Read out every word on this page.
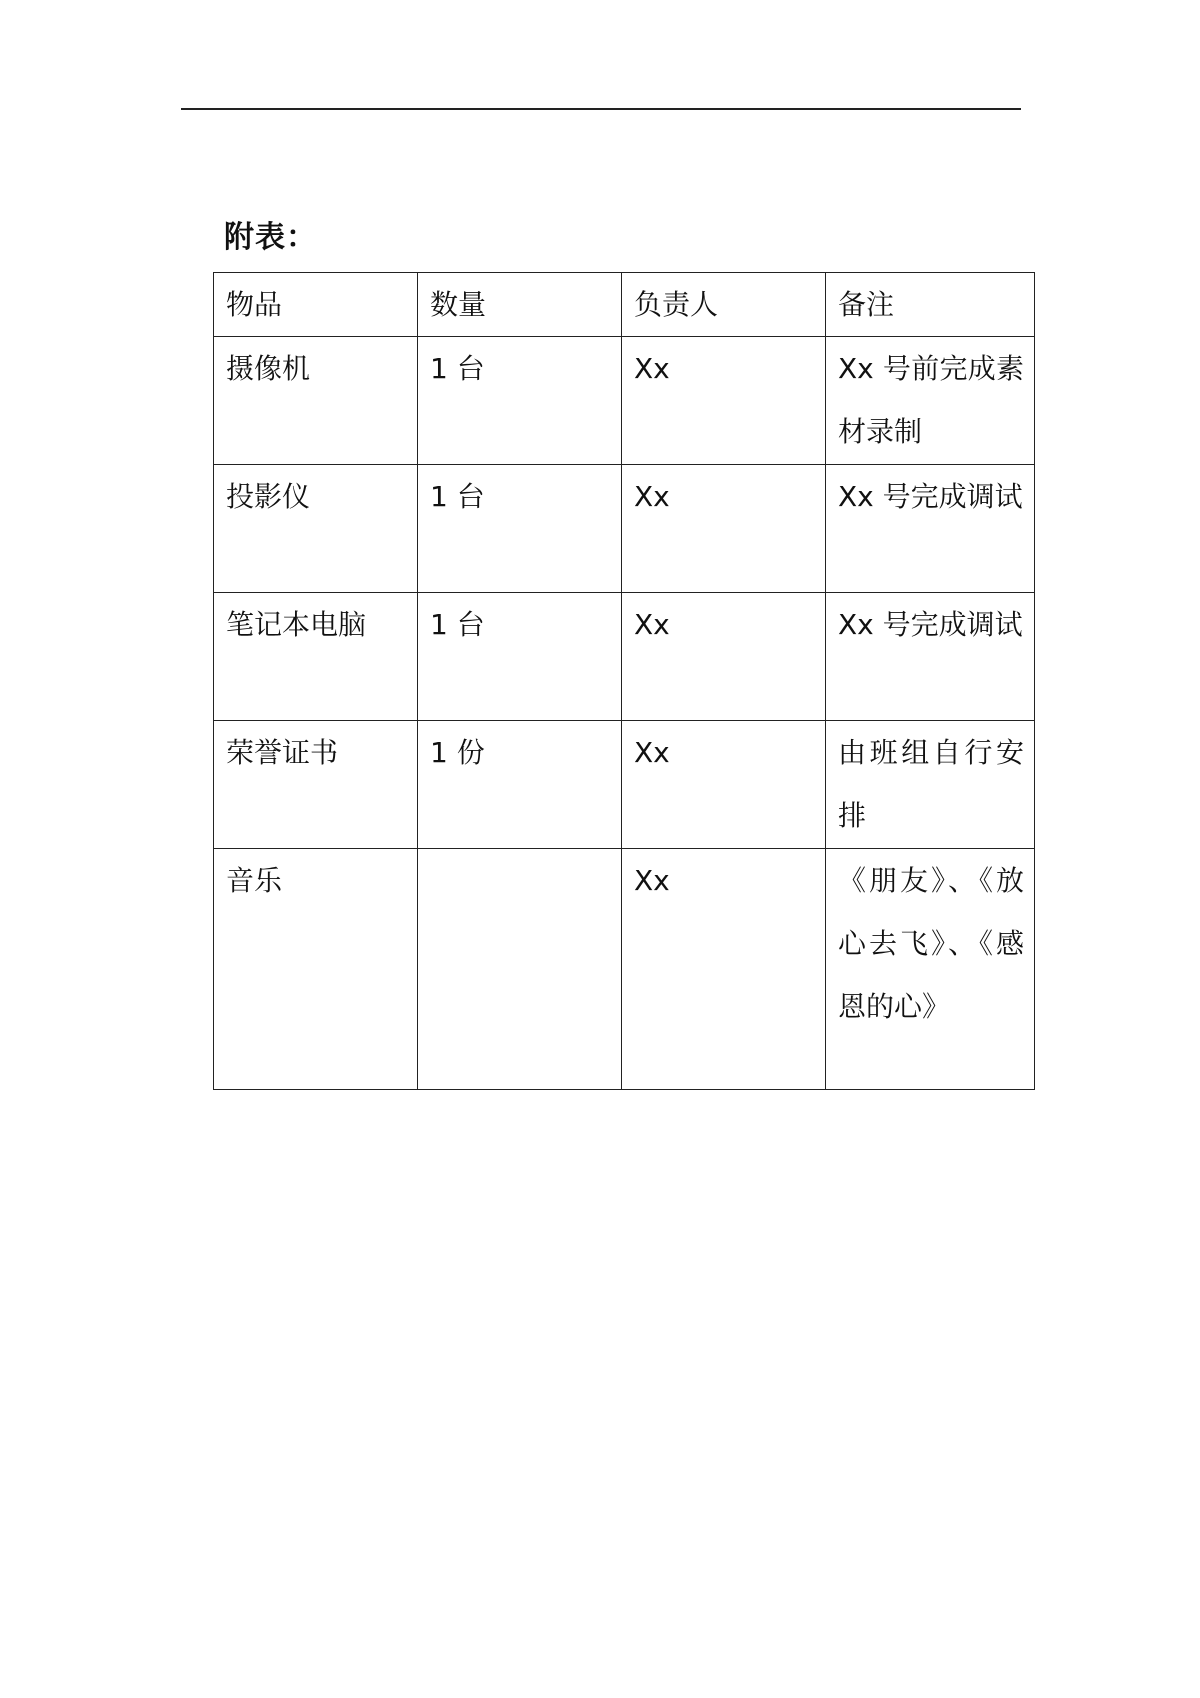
附表：
物品	数量	负责人	备注

摄像机	1 台	Xx	Xx 号前完成素材录制

投影仪	1 台	Xx	Xx 号完成调试

笔记本电脑	1 台	Xx	Xx 号完成调试

荣誉证书	1 份	Xx	由班组自行安排

音乐		Xx	《朋友》、《放心去飞》、《感恩的心》
